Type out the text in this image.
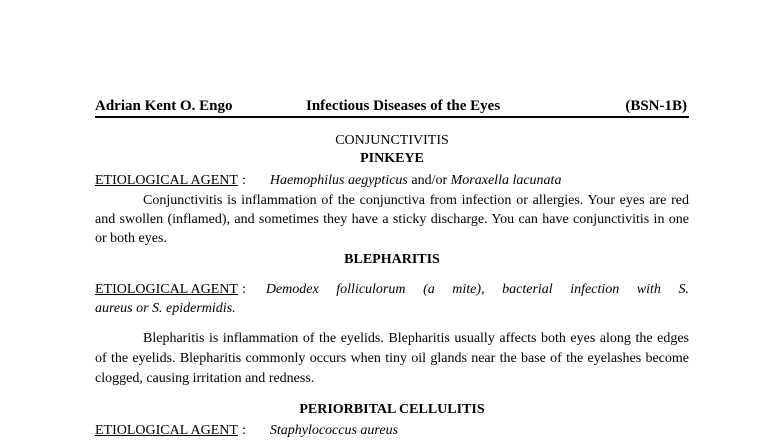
Adrian Kent O. Engo	Infectious Diseases of the Eyes	(BSN-1B)
CONJUNCTIVITIS
PINKEYE
ETIOLOGICAL AGENT : Haemophilus aegypticus and/or Moraxella lacunata
Conjunctivitis is inflammation of the conjunctiva from infection or allergies. Your eyes are red and swollen (inflamed), and sometimes they have a sticky discharge. You can have conjunctivitis in one or both eyes.
BLEPHARITIS
ETIOLOGICAL AGENT : Demodex folliculorum (a mite), bacterial infection with S.
aureus or S. epidermidis.
Blepharitis is inflammation of the eyelids. Blepharitis usually affects both eyes along the edges of the eyelids. Blepharitis commonly occurs when tiny oil glands near the base of the eyelashes become clogged, causing irritation and redness.
PERIORBITAL CELLULITIS
ETIOLOGICAL AGENT : Staphylococcus aureus
